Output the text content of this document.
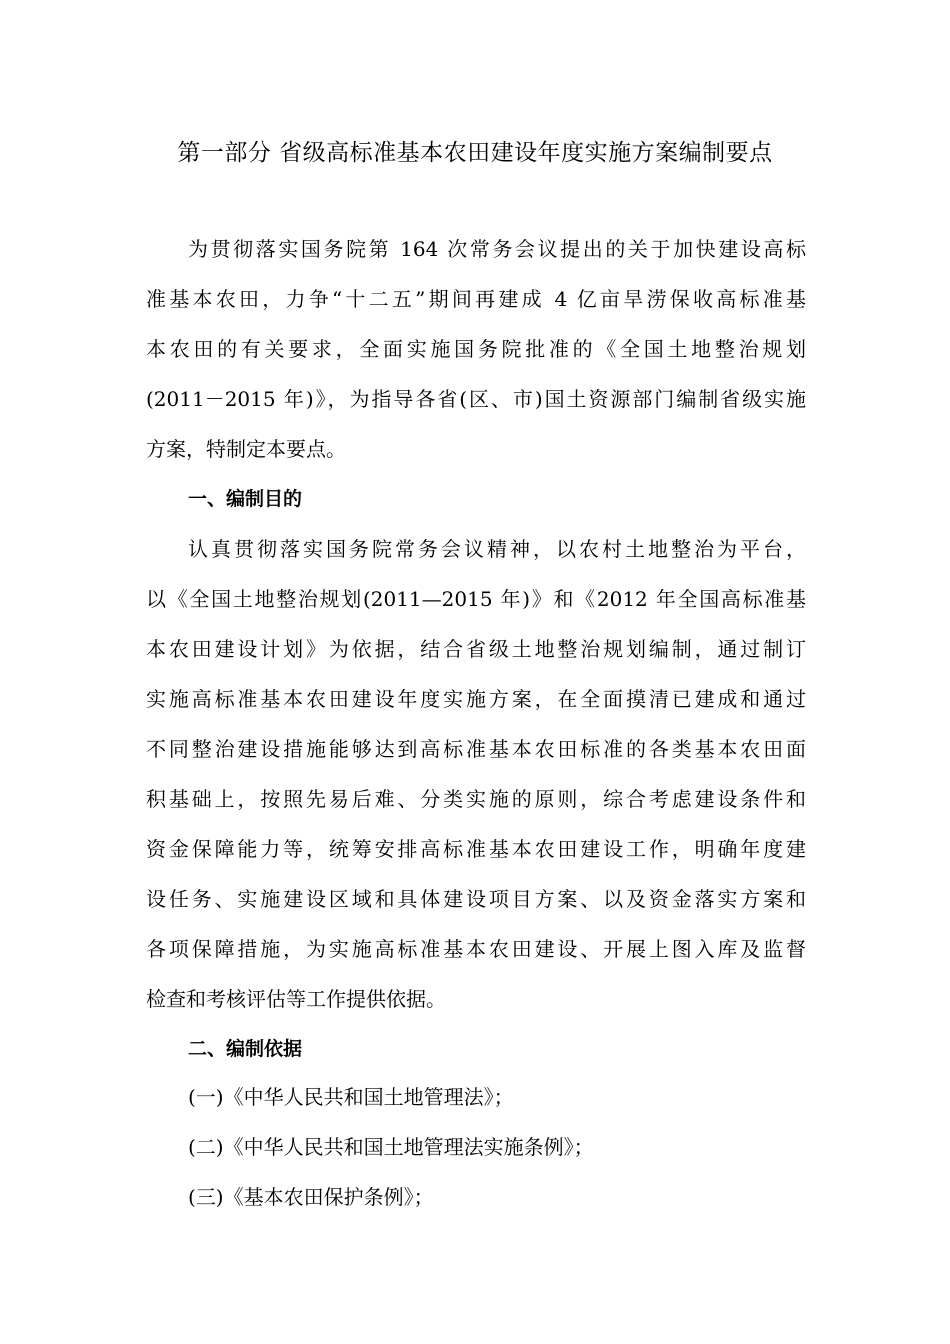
第一部分 省级高标准基本农田建设年度实施方案编制要点
为贯彻落实国务院第 164 次常务会议提出的关于加快建设高标
准基本农田，力争“十二五”期间再建成 4 亿亩旱涝保收高标准基
本农田的有关要求，全面实施国务院批准的《全国土地整治规划
(2011－2015 年)》，为指导各省(区、市)国土资源部门编制省级实施
方案，特制定本要点。
一、编制目的
认真贯彻落实国务院常务会议精神，以农村土地整治为平台，
以《全国土地整治规划(2011—2015 年)》和《2012 年全国高标准基
本农田建设计划》为依据，结合省级土地整治规划编制，通过制订
实施高标准基本农田建设年度实施方案，在全面摸清已建成和通过
不同整治建设措施能够达到高标准基本农田标准的各类基本农田面
积基础上，按照先易后难、分类实施的原则，综合考虑建设条件和
资金保障能力等，统筹安排高标准基本农田建设工作，明确年度建
设任务、实施建设区域和具体建设项目方案、以及资金落实方案和
各项保障措施，为实施高标准基本农田建设、开展上图入库及监督
检查和考核评估等工作提供依据。
二、编制依据
(一)《中华人民共和国土地管理法》；
(二)《中华人民共和国土地管理法实施条例》；
(三)《基本农田保护条例》；
